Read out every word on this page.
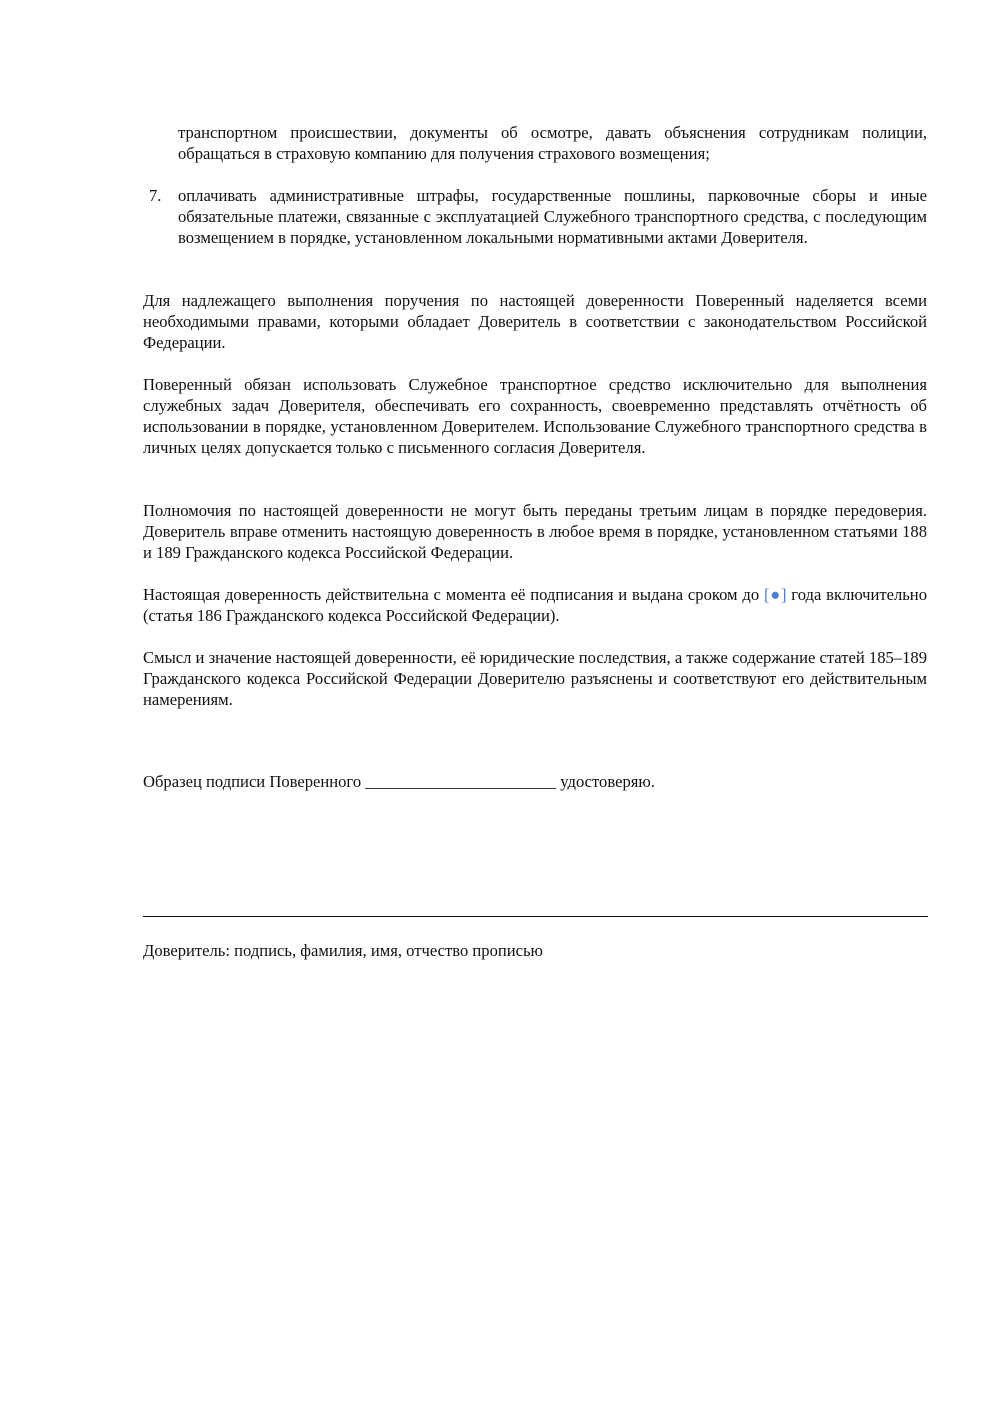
транспортном происшествии, документы об осмотре, давать объяснения сотрудникам полиции, обращаться в страховую компанию для получения страхового возмещения;

7. оплачивать административные штрафы, государственные пошлины, парковочные сборы и иные обязательные платежи, связанные с эксплуатацией Служебного транспортного средства, с последующим возмещением в порядке, установленном локальными нормативными актами Доверителя.

Для надлежащего выполнения поручения по настоящей доверенности Поверенный наделяется всеми необходимыми правами, которыми обладает Доверитель в соответствии с законодательством Российской Федерации.

Поверенный обязан использовать Служебное транспортное средство исключительно для выполнения служебных задач Доверителя, обеспечивать его сохранность, своевременно представлять отчётность об использовании в порядке, установленном Доверителем. Использование Служебного транспортного средства в личных целях допускается только с письменного согласия Доверителя.

Полномочия по настоящей доверенности не могут быть переданы третьим лицам в порядке передоверия. Доверитель вправе отменить настоящую доверенность в любое время в порядке, установленном статьями 188 и 189 Гражданского кодекса Российской Федерации.

Настоящая доверенность действительна с момента её подписания и выдана сроком до [●] года включительно (статья 186 Гражданского кодекса Российской Федерации).

Смысл и значение настоящей доверенности, её юридические последствия, а также содержание статей 185–189 Гражданского кодекса Российской Федерации Доверителю разъяснены и соответствуют его действительным намерениям.

Образец подписи Поверенного _______________________ удостоверяю.
Доверитель: подпись, фамилия, имя, отчество прописью
